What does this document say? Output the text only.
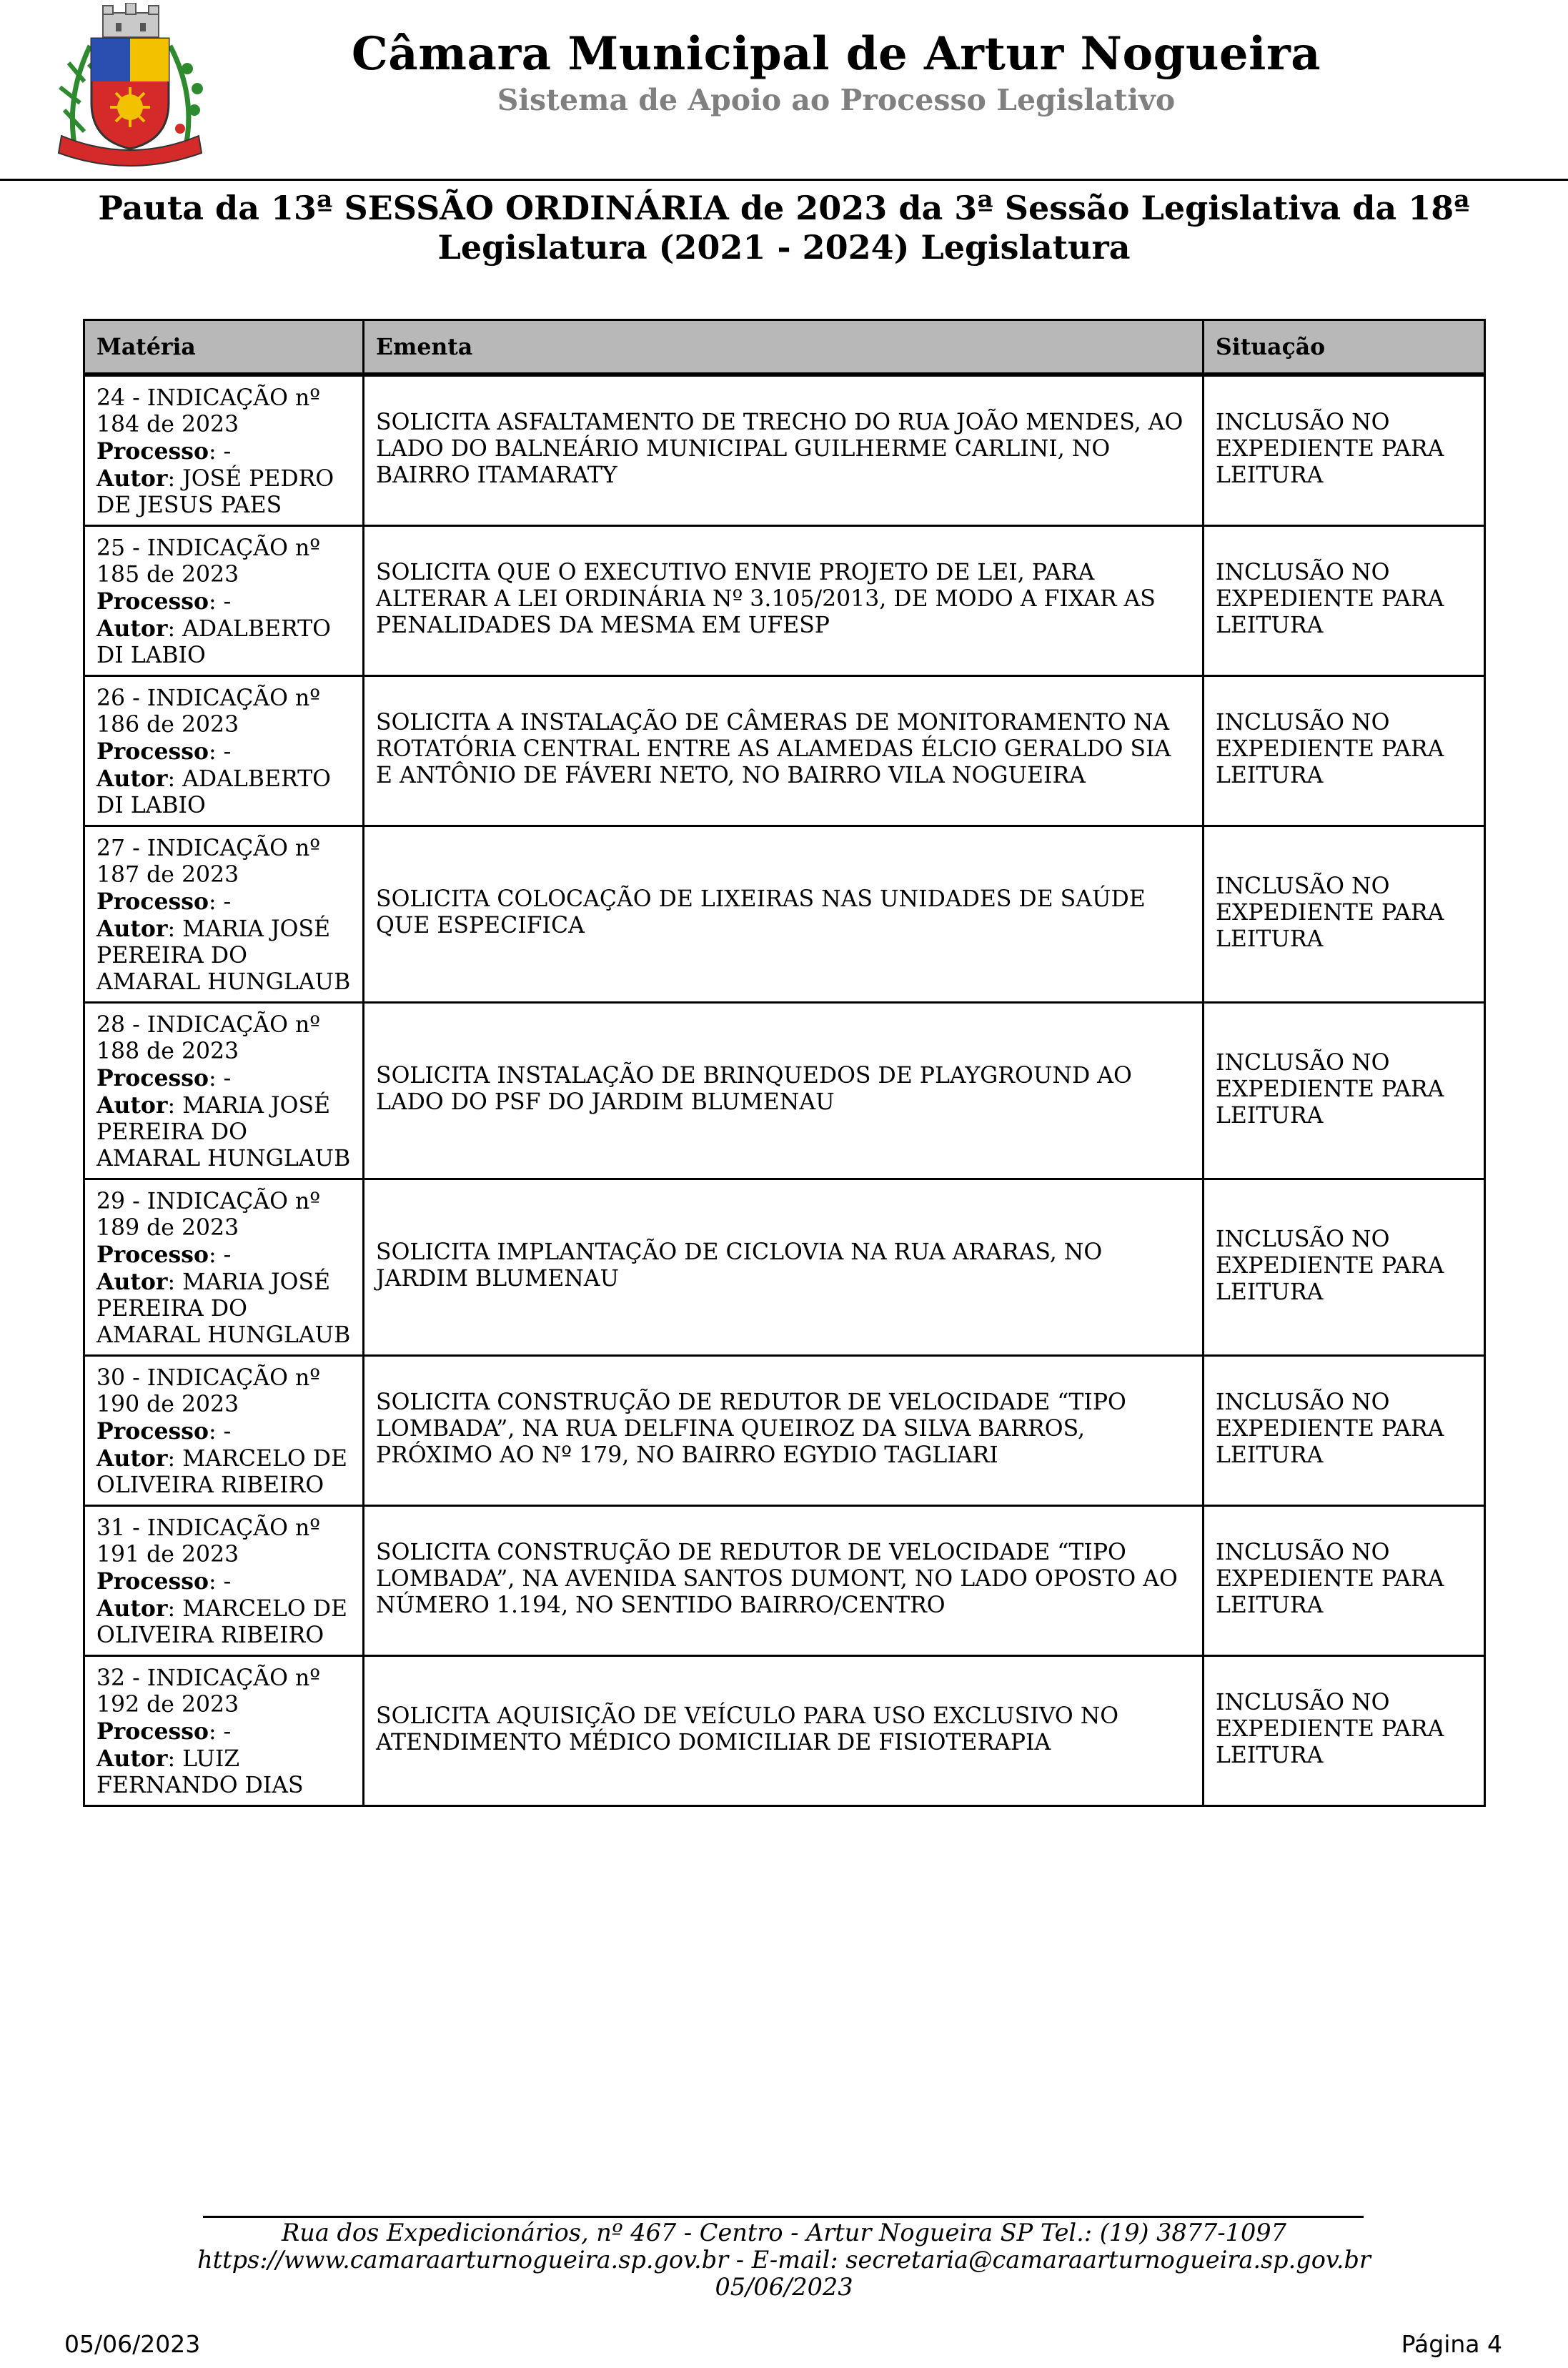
Câmara Municipal de Artur Nogueira
Sistema de Apoio ao Processo Legislativo
Pauta da 13ª SESSÃO ORDINÁRIA de 2023 da 3ª Sessão Legislativa da 18ª Legislatura (2021 - 2024) Legislatura
Matéria	Ementa	Situação

24 - INDICAÇÃO nº 184 de 2023
Processo: -
Autor: JOSÉ PEDRO DE JESUS PAES	SOLICITA ASFALTAMENTO DE TRECHO DO RUA JOÃO MENDES, AO LADO DO BALNEÁRIO MUNICIPAL GUILHERME CARLINI, NO BAIRRO ITAMARATY	INCLUSÃO NO EXPEDIENTE PARA LEITURA

25 - INDICAÇÃO nº 185 de 2023
Processo: -
Autor: ADALBERTO DI LABIO	SOLICITA QUE O EXECUTIVO ENVIE PROJETO DE LEI, PARA ALTERAR A LEI ORDINÁRIA Nº 3.105/2013, DE MODO A FIXAR AS PENALIDADES DA MESMA EM UFESP	INCLUSÃO NO EXPEDIENTE PARA LEITURA

26 - INDICAÇÃO nº 186 de 2023
Processo: -
Autor: ADALBERTO DI LABIO	SOLICITA A INSTALAÇÃO DE CÂMERAS DE MONITORAMENTO NA ROTATÓRIA CENTRAL ENTRE AS ALAMEDAS ÉLCIO GERALDO SIA E ANTÔNIO DE FÁVERI NETO, NO BAIRRO VILA NOGUEIRA	INCLUSÃO NO EXPEDIENTE PARA LEITURA

27 - INDICAÇÃO nº 187 de 2023
Processo: -
Autor: MARIA JOSÉ PEREIRA DO AMARAL HUNGLAUB	SOLICITA COLOCAÇÃO DE LIXEIRAS NAS UNIDADES DE SAÚDE QUE ESPECIFICA	INCLUSÃO NO EXPEDIENTE PARA LEITURA

28 - INDICAÇÃO nº 188 de 2023
Processo: -
Autor: MARIA JOSÉ PEREIRA DO AMARAL HUNGLAUB	SOLICITA INSTALAÇÃO DE BRINQUEDOS DE PLAYGROUND AO LADO DO PSF DO JARDIM BLUMENAU	INCLUSÃO NO EXPEDIENTE PARA LEITURA

29 - INDICAÇÃO nº 189 de 2023
Processo: -
Autor: MARIA JOSÉ PEREIRA DO AMARAL HUNGLAUB	SOLICITA IMPLANTAÇÃO DE CICLOVIA NA RUA ARARAS, NO JARDIM BLUMENAU	INCLUSÃO NO EXPEDIENTE PARA LEITURA

30 - INDICAÇÃO nº 190 de 2023
Processo: -
Autor: MARCELO DE OLIVEIRA RIBEIRO	SOLICITA CONSTRUÇÃO DE REDUTOR DE VELOCIDADE “TIPO LOMBADA”, NA RUA DELFINA QUEIROZ DA SILVA BARROS, PRÓXIMO AO Nº 179, NO BAIRRO EGYDIO TAGLIARI	INCLUSÃO NO EXPEDIENTE PARA LEITURA

31 - INDICAÇÃO nº 191 de 2023
Processo: -
Autor: MARCELO DE OLIVEIRA RIBEIRO	SOLICITA CONSTRUÇÃO DE REDUTOR DE VELOCIDADE “TIPO LOMBADA”, NA AVENIDA SANTOS DUMONT, NO LADO OPOSTO AO NÚMERO 1.194, NO SENTIDO BAIRRO/CENTRO	INCLUSÃO NO EXPEDIENTE PARA LEITURA

32 - INDICAÇÃO nº 192 de 2023
Processo: -
Autor: LUIZ FERNANDO DIAS	SOLICITA AQUISIÇÃO DE VEÍCULO PARA USO EXCLUSIVO NO ATENDIMENTO MÉDICO DOMICILIAR DE FISIOTERAPIA	INCLUSÃO NO EXPEDIENTE PARA LEITURA
Rua dos Expedicionários, nº 467 - Centro - Artur Nogueira SP Tel.: (19) 3877-1097 https://www.camaraarturnogueira.sp.gov.br - E-mail: secretaria@camaraarturnogueira.sp.gov.br
05/06/2023
05/06/2023	Página 4
